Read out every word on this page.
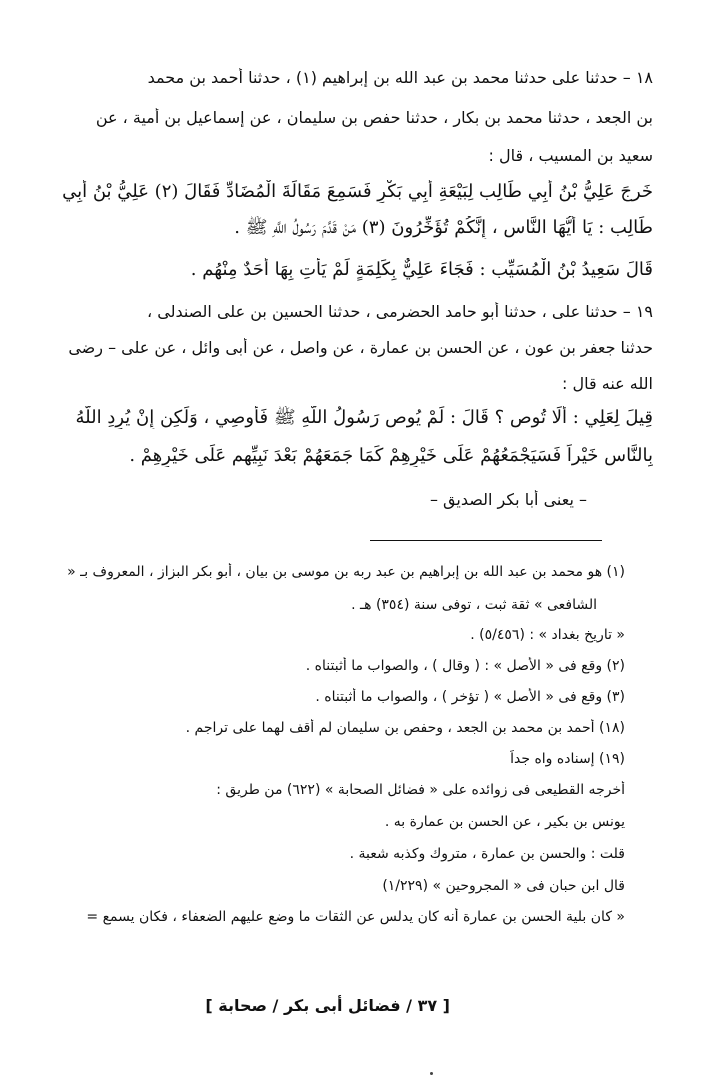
١٨ – حدثنا على حدثنا محمد بن عبد الله بن إبراهيم (١) ، حدثنا أحمد بن محمد
بن الجعد ، حدثنا محمد بن بكار ، حدثنا حفص بن سليمان ، عن إسماعيل بن أمية ، عن
سعيد بن المسيب ، قال :
خَرجَ عَلِيُّ بْنُ أَبِي طَالِب لِبَيْعَةِ أَبِي بَكْرٍ فَسَمِعَ مَقَالَةَ الْمُضَادِّ فَقَالَ (٢) عَلِيُّ بْنُ أَبِي
طَالِب : يَا أَيُّهَا النَّاس ، إِنَّكُمْ تُؤَخِّرُونَ (٣) مَنْ قَدَّمَ رَسُولُ اللَّهِ ﷺ .
قَالَ سَعِيدُ بْنُ الْمُسَيِّب : فَجَاءَ عَلِيٌّ بِكَلِمَةٍ لَمْ يَأْتِ بِهَا أَحَدٌ مِنْهُم .
١٩ – حدثنا على ، حدثنا أبو حامد الحضرمى ، حدثنا الحسين بن على الصندلى ،
حدثنا جعفر بن عون ، عن الحسن بن عمارة ، عن واصل ، عن أبى وائل ، عن على – رضى
الله عنه قال :
قِيلَ لِعَلِي : أَلَا تُوصِ ؟ قَالَ : لَمْ يُوصِ رَسُولُ اللَّهِ ﷺ فَأُوصِي ، وَلَكِن إِنْ يُرِدِ اللَّهُ
بِالنَّاسِ خَيْراً فَسَيَجْمَعُهُمْ عَلَى خَيْرِهِمْ كَمَا جَمَعَهُمْ بَعْدَ نَبِيِّهِم عَلَى خَيْرِهِمْ .
– يعنى أبا بكر الصديق –
(١) هو محمد بن عبد الله بن إبراهيم بن عبد ربه بن موسى بن بيان ، أبو بكر البزاز ، المعروف بـ «
الشافعى » ثقة ثبت ، توفى سنة (٣٥٤) هـ .
« تاريخ بغداد » : (٥/٤٥٦) .
(٢) وقع فى « الأصل » : ( وقال ) ، والصواب ما أثبتناه .
(٣) وقع فى « الأصل » ( تؤخر ) ، والصواب ما أثبتناه .
(١٨) أحمد بن محمد بن الجعد ، وحفص بن سليمان لم أقف لهما على تراجم .
(١٩) إسناده واه جداً
أخرجه القطيعى فى زوائده على « فضائل الصحابة » (٦٢٢) من طريق :
يونس بن بكير ، عن الحسن بن عمارة به .
قلت : والحسن بن عمارة ، متروك وكذبه شعبة .
قال ابن حبان فى « المجروحين » (١/٢٢٩)
« كان بلية الحسن بن عمارة أنه كان يدلس عن الثقات ما وضع عليهم الضعفاء ، فكان يسمع =
[ ٣٧ / فضائل أبى بكر / صحابة ]
